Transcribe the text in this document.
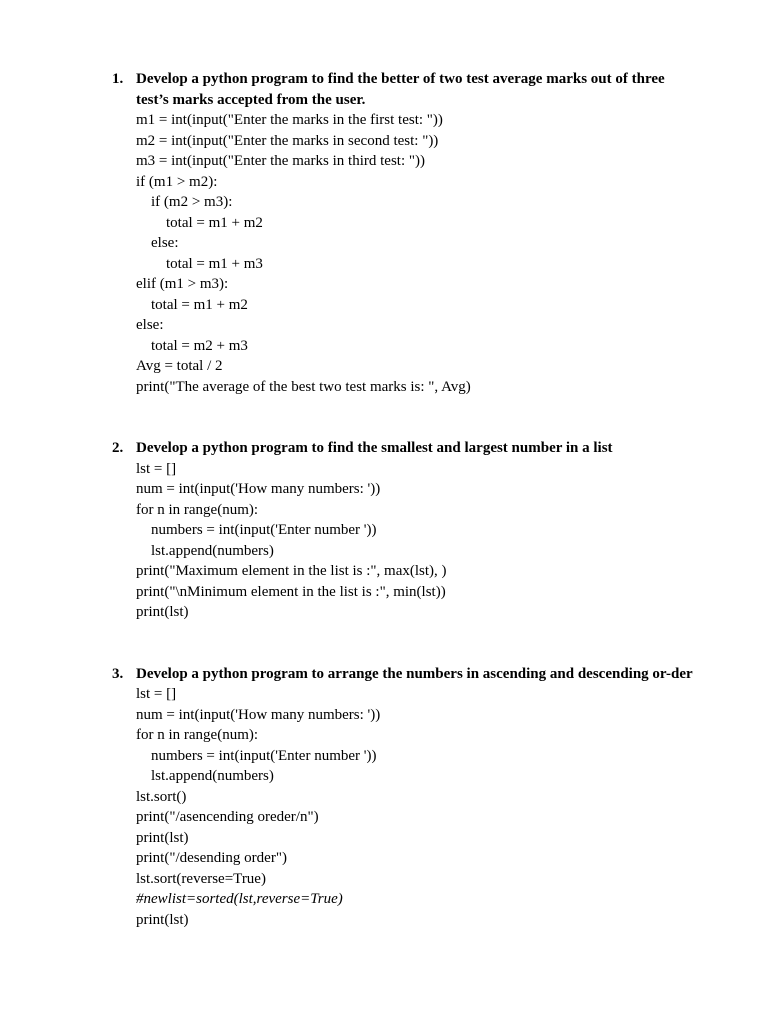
1. Develop a python program to find the better of two test average marks out of three test’s marks accepted from the user.
m1 = int(input("Enter the marks in the first test: "))
m2 = int(input("Enter the marks in second test: "))
m3 = int(input("Enter the marks in third test: "))
if (m1 > m2):
if (m2 > m3):
total = m1 + m2
else:
total = m1 + m3
elif (m1 > m3):
total = m1 + m2
else:
total = m2 + m3
Avg = total / 2
print("The average of the best two test marks is: ", Avg)
2. Develop a python program to find the smallest and largest number in a list
lst = []
num = int(input('How many numbers: '))
for n in range(num):
numbers = int(input('Enter number '))
lst.append(numbers)
print("Maximum element in the list is :", max(lst), )
print("\nMinimum element in the list is :", min(lst))
print(lst)
3. Develop a python program to arrange the numbers in ascending and descending or-der
lst = []
num = int(input('How many numbers: '))
for n in range(num):
numbers = int(input('Enter number '))
lst.append(numbers)
lst.sort()
print("/asencending oreder/n")
print(lst)
print("/desending order")
lst.sort(reverse=True)
#newlist=sorted(lst,reverse=True)
print(lst)
